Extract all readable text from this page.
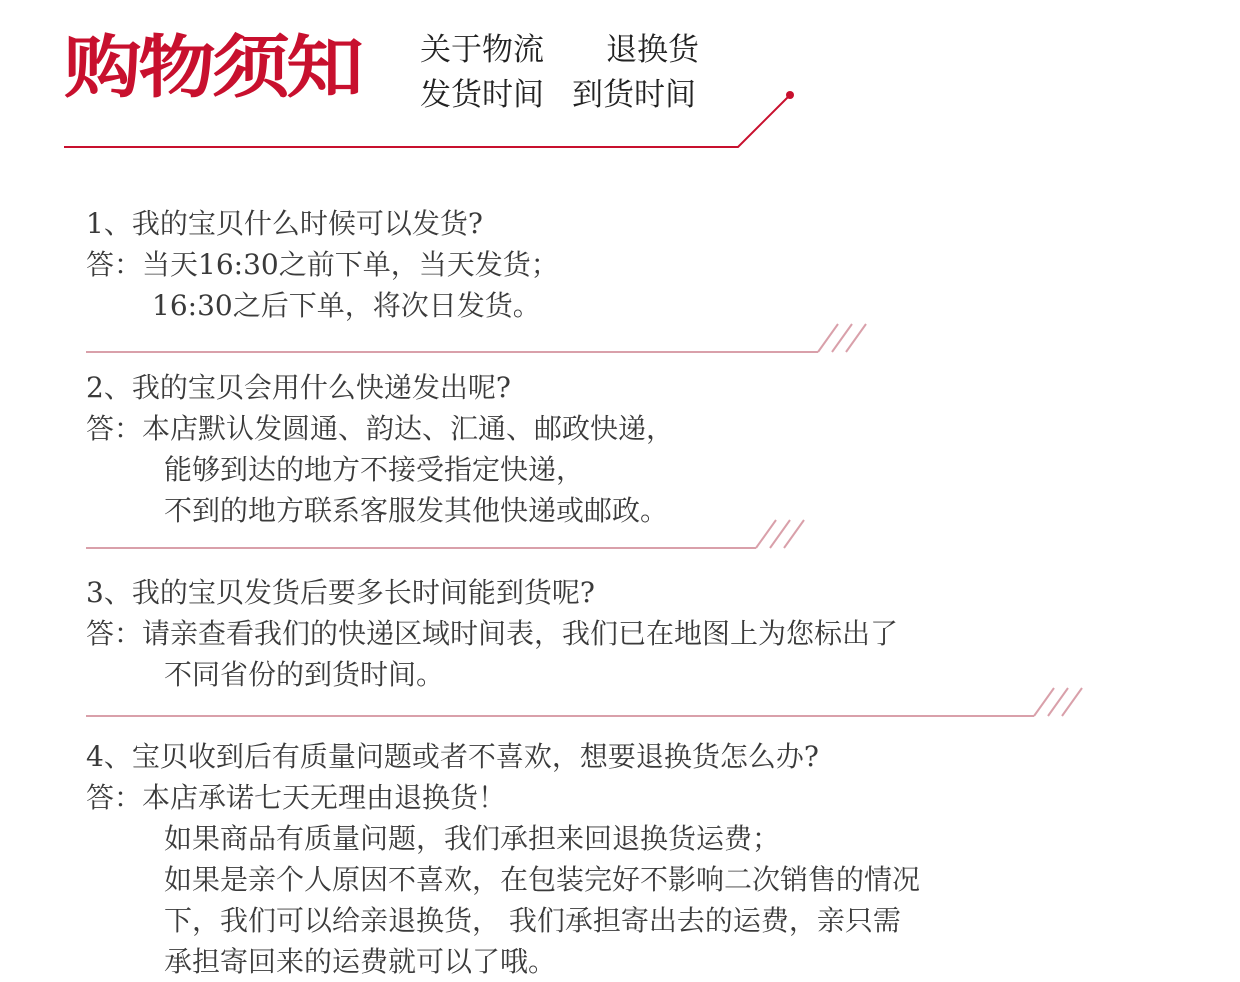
购物须知 关于物流 退换货
发货时间 到货时间
1、我的宝贝什么时候可以发货?
答：当天16:30之前下单，当天发货；
16:30之后下单，将次日发货。
2、我的宝贝会用什么快递发出呢?
答：本店默认发圆通、韵达、汇通、邮政快递，
能够到达的地方不接受指定快递，
不到的地方联系客服发其他快递或邮政。
3、我的宝贝发货后要多长时间能到货呢?
答：请亲查看我们的快递区域时间表，我们已在地图上为您标出了
不同省份的到货时间。
4、宝贝收到后有质量问题或者不喜欢，想要退换货怎么办?
答：本店承诺七天无理由退换货！
如果商品有质量问题，我们承担来回退换货运费；
如果是亲个人原因不喜欢，在包装完好不影响二次销售的情况
下，我们可以给亲退换货， 我们承担寄出去的运费，亲只需
承担寄回来的运费就可以了哦。
